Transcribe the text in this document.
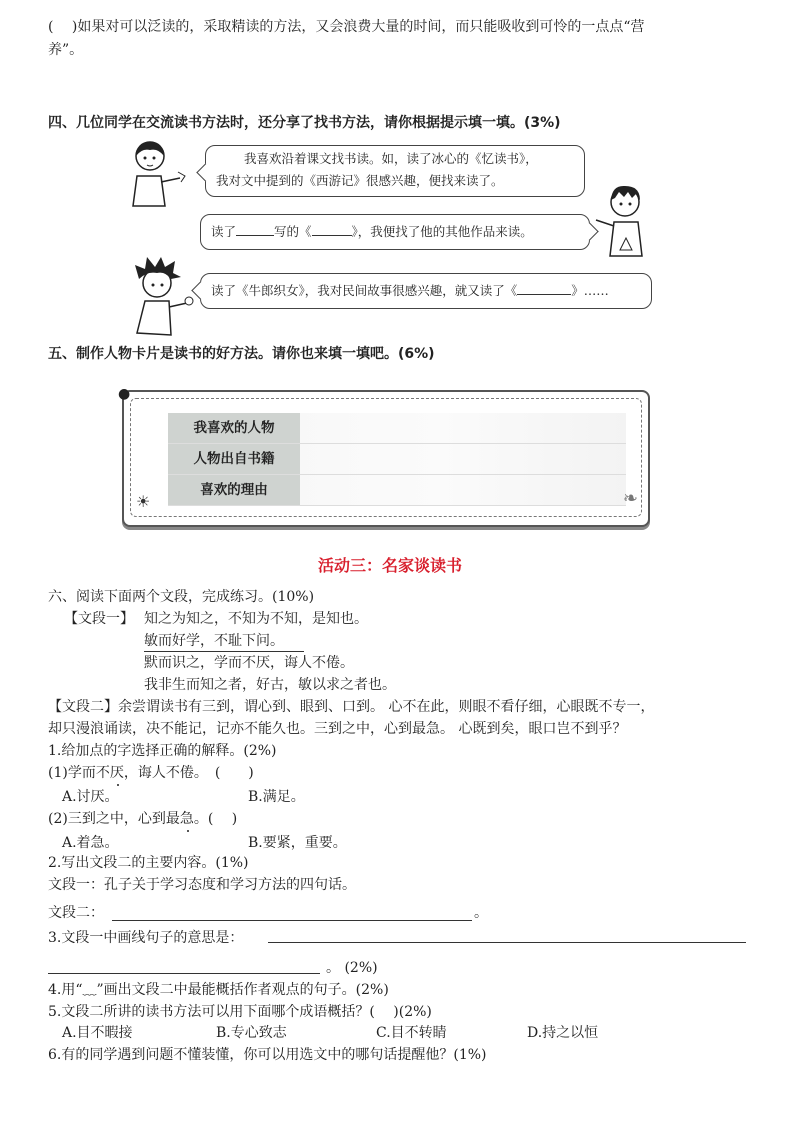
(　 )如果对可以泛读的，采取精读的方法，又会浪费大量的时间，而只能吸收到可怜的一点点“营
养”。
四、几位同学在交流读书方法时，还分享了找书方法，请你根据提示填一填。(3%)
我喜欢沿着课文找书读。如，读了冰心的《忆读书》，
我对文中提到的《西游记》很感兴趣，便找来读了。
读了	写的《	》，我便找了他的其他作品来读。
读了《牛郎织女》，我对民间故事很感兴趣，就又读了《	》……
五、制作人物卡片是读书的好方法。请你也来填一填吧。(6%)
●
我喜欢的人物
人物出自书籍
喜欢的理由
☀	❧
活动三：名家谈读书
六、阅读下面两个文段，完成练习。(10%)
【文段一】 知之为知之，不知为不知，是知也。
敏而好学，不耻下问。
默而识之，学而不厌，诲人不倦。
我非生而知之者，好古，敏以求之者也。
【文段二】余尝谓读书有三到，谓心到、眼到、口到。 心不在此，则眼不看仔细，心眼既不专一，
却只漫浪诵读，决不能记，记亦不能久也。三到之中，心到最急。 心既到矣，眼口岂不到乎？
1.给加点的字选择正确的解释。(2%)
(1)学而不厌，诲人不倦。　(　　)
A.讨厌。	B.满足。
(2)三到之中，心到最急。(　 )
A.着急。	B.要紧，重要。
2.写出文段二的主要内容。(1%)
文段一：孔子关于学习态度和学习方法的四句话。
文段二：	。
3.文段一中画线句子的意思是：
。 (2%)
4.用“﹏”画出文段二中最能概括作者观点的句子。(2%)
5.文段二所讲的读书方法可以用下面哪个成语概括？(　 )(2%)
A.目不暇接	B.专心致志	C.目不转睛	D.持之以恒
6.有的同学遇到问题不懂装懂，你可以用选文中的哪句话提醒他？(1%)
